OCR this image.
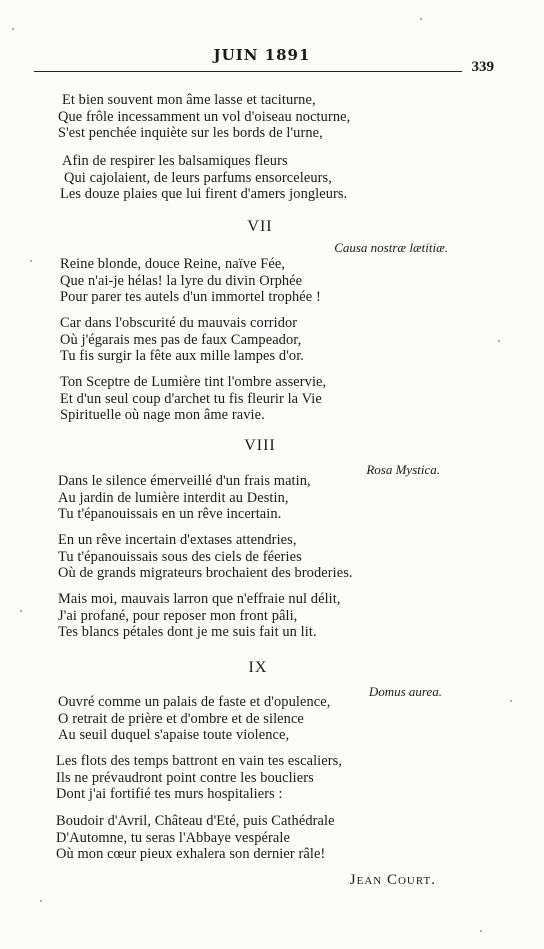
JUIN 1891
339
Et bien souvent mon âme lasse et taciturne,
Que frôle incessamment un vol d'oiseau nocturne,
S'est penchée inquiète sur les bords de l'urne,
Afin de respirer les balsamiques fleurs
Qui cajolaient, de leurs parfums ensorceleurs,
Les douze plaies que lui firent d'amers jongleurs.
VII
Causa nostræ lætitiæ.
Reine blonde, douce Reine, naïve Fée,
Que n'ai-je hélas! la lyre du divin Orphée
Pour parer tes autels d'un immortel trophée !
Car dans l'obscurité du mauvais corridor
Où j'égarais mes pas de faux Campeador,
Tu fis surgir la fête aux mille lampes d'or.
Ton Sceptre de Lumière tint l'ombre asservie,
Et d'un seul coup d'archet tu fis fleurir la Vie
Spirituelle où nage mon âme ravie.
VIII
Rosa Mystica.
Dans le silence émerveillé d'un frais matin,
Au jardin de lumière interdit au Destin,
Tu t'épanouissais en un rêve incertain.
En un rêve incertain d'extases attendries,
Tu t'épanouissais sous des ciels de féeries
Où de grands migrateurs brochaient des broderies.
Mais moi, mauvais larron que n'effraie nul délit,
J'ai profané, pour reposer mon front pâli,
Tes blancs pétales dont je me suis fait un lit.
IX
Domus aurea.
Ouvré comme un palais de faste et d'opulence,
O retrait de prière et d'ombre et de silence
Au seuil duquel s'apaise toute violence,
Les flots des temps battront en vain tes escaliers,
Ils ne prévaudront point contre les boucliers
Dont j'ai fortifié tes murs hospitaliers :
Boudoir d'Avril, Château d'Eté, puis Cathédrale
D'Automne, tu seras l'Abbaye vespérale
Où mon cœur pieux exhalera son dernier râle!
Jean Court.
